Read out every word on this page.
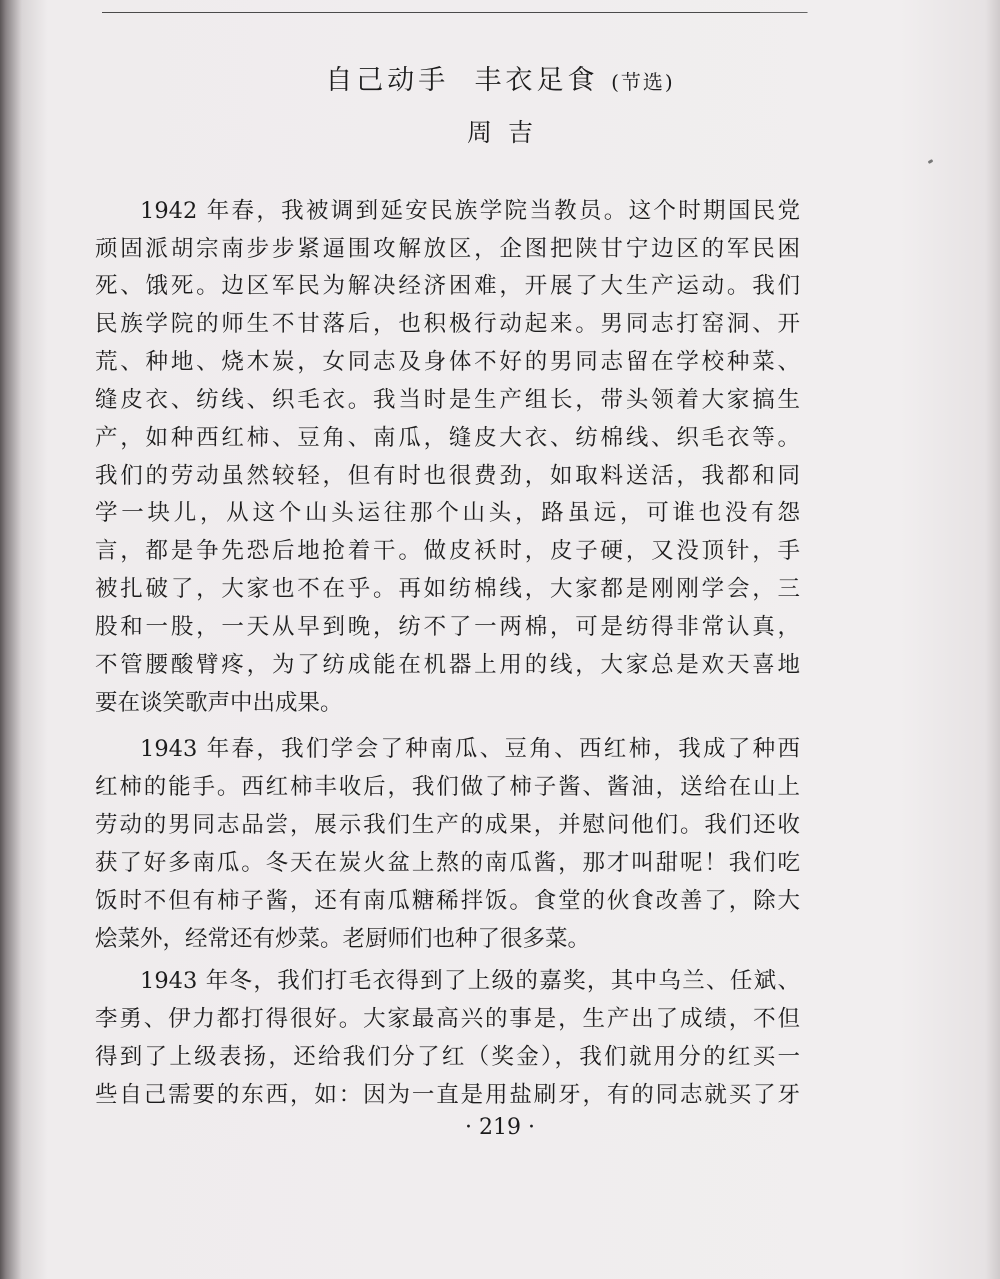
自己动手  丰衣足食 (节选)
周  吉
1942 年春，我被调到延安民族学院当教员。这个时期国民党
顽固派胡宗南步步紧逼围攻解放区，企图把陕甘宁边区的军民困
死、饿死。边区军民为解决经济困难，开展了大生产运动。我们
民族学院的师生不甘落后，也积极行动起来。男同志打窑洞、开
荒、种地、烧木炭，女同志及身体不好的男同志留在学校种菜、
缝皮衣、纺线、织毛衣。我当时是生产组长，带头领着大家搞生
产，如种西红柿、豆角、南瓜，缝皮大衣、纺棉线、织毛衣等。
我们的劳动虽然较轻，但有时也很费劲，如取料送活，我都和同
学一块儿，从这个山头运往那个山头，路虽远，可谁也没有怨
言，都是争先恐后地抢着干。做皮袄时，皮子硬，又没顶针，手
被扎破了，大家也不在乎。再如纺棉线，大家都是刚刚学会，三
股和一股，一天从早到晚，纺不了一两棉，可是纺得非常认真，
不管腰酸臂疼，为了纺成能在机器上用的线，大家总是欢天喜地
要在谈笑歌声中出成果。
1943 年春，我们学会了种南瓜、豆角、西红柿，我成了种西
红柿的能手。西红柿丰收后，我们做了柿子酱、酱油，送给在山上
劳动的男同志品尝，展示我们生产的成果，并慰问他们。我们还收
获了好多南瓜。冬天在炭火盆上熬的南瓜酱，那才叫甜呢！我们吃
饭时不但有柿子酱，还有南瓜糖稀拌饭。食堂的伙食改善了，除大
烩菜外，经常还有炒菜。老厨师们也种了很多菜。
1943 年冬，我们打毛衣得到了上级的嘉奖，其中乌兰、任斌、
李勇、伊力都打得很好。大家最高兴的事是，生产出了成绩，不但
得到了上级表扬，还给我们分了红（奖金），我们就用分的红买一
些自己需要的东西，如：因为一直是用盐刷牙，有的同志就买了牙
· 219 ·
